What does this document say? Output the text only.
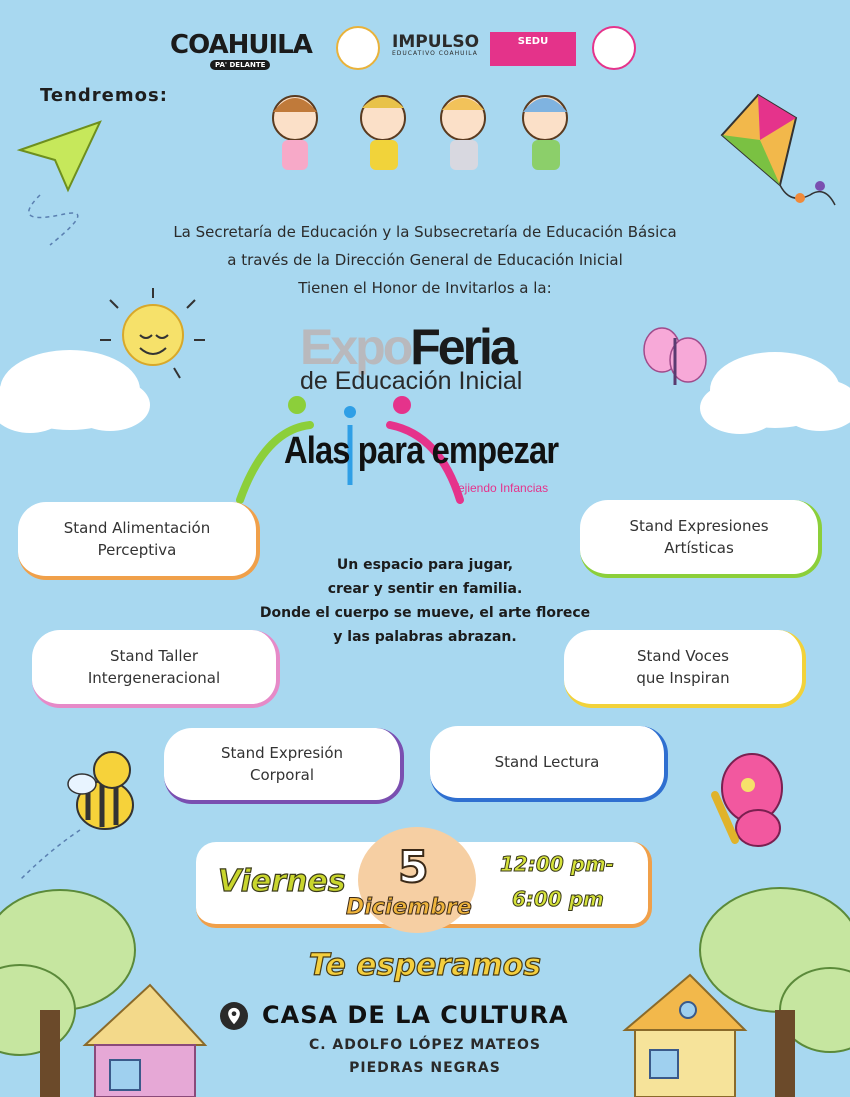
COAHUILA
PA' DELANTE
IMPULSO
EDUCATIVO COAHUILA
SEDU
Tendremos:
La Secretaría de Educación y la Subsecretaría de Educación Básica
a través de la Dirección General de Educación Inicial
Tienen el Honor de Invitarlos a la:
ExpoFeria
de Educación Inicial
Alas para empezar
Tejiendo Infancias
Stand Alimentación
Perceptiva
Stand Expresiones
Artísticas
Stand Taller
Intergeneracional
Stand Voces
que Inspiran
Stand Expresión
Corporal
Stand Lectura
Un espacio para jugar,
crear y sentir en familia.
Donde el cuerpo se mueve, el arte florece
y las palabras abrazan.
Viernes 5
Diciembre
12:00 pm-
6:00 pm
Te esperamos
CASA DE LA CULTURA
C. ADOLFO LÓPEZ MATEOS
PIEDRAS NEGRAS
